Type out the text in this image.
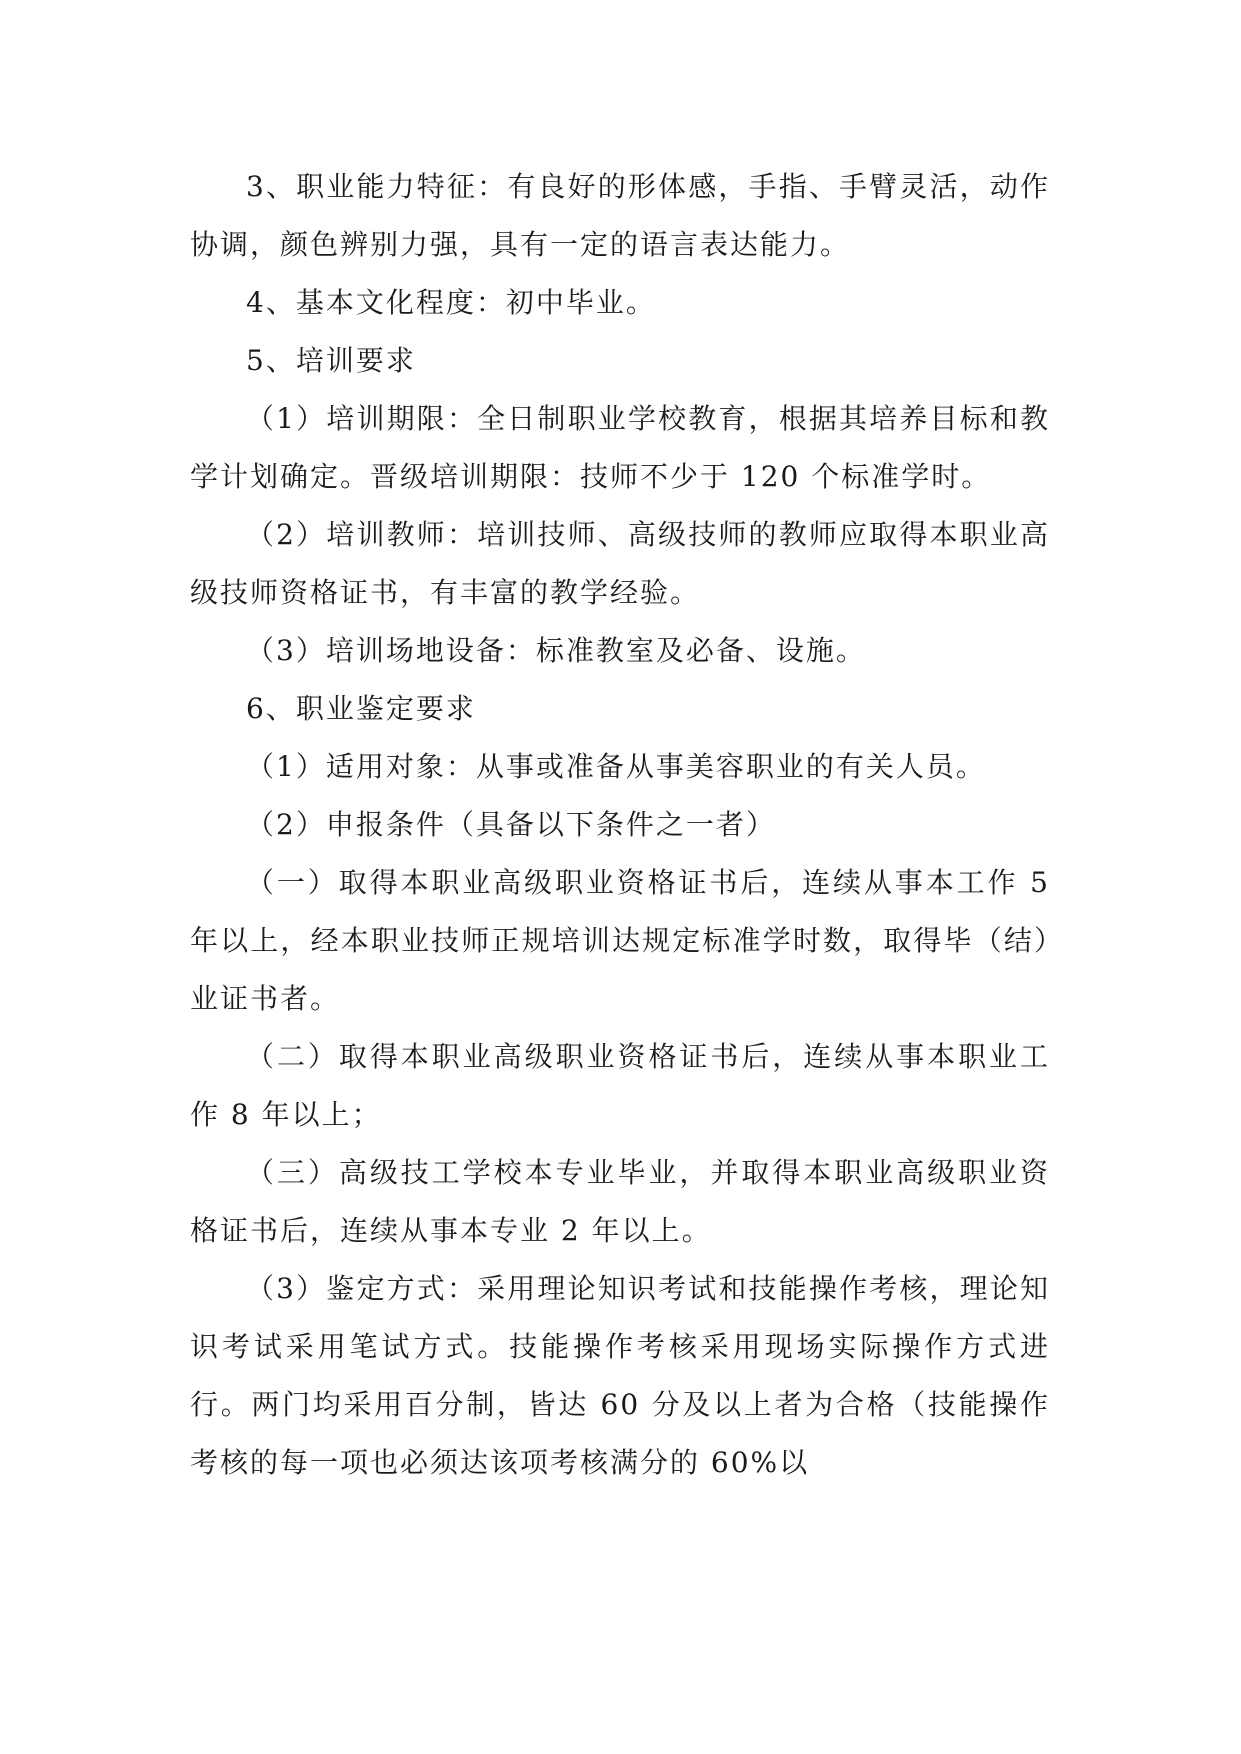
3、职业能力特征：有良好的形体感，手指、手臂灵活，动作协调，颜色辨别力强，具有一定的语言表达能力。

4、基本文化程度：初中毕业。

5、培训要求

（1）培训期限：全日制职业学校教育，根据其培养目标和教学计划确定。晋级培训期限：技师不少于 120 个标准学时。

（2）培训教师：培训技师、高级技师的教师应取得本职业高级技师资格证书，有丰富的教学经验。

（3）培训场地设备：标准教室及必备、设施。

6、职业鉴定要求

（1）适用对象：从事或准备从事美容职业的有关人员。

（2）申报条件（具备以下条件之一者）

（一）取得本职业高级职业资格证书后，连续从事本工作 5 年以上，经本职业技师正规培训达规定标准学时数，取得毕（结）业证书者。

（二）取得本职业高级职业资格证书后，连续从事本职业工作 8 年以上；

（三）高级技工学校本专业毕业，并取得本职业高级职业资格证书后，连续从事本专业 2 年以上。

（3）鉴定方式：采用理论知识考试和技能操作考核，理论知识考试采用笔试方式。技能操作考核采用现场实际操作方式进行。两门均采用百分制，皆达 60 分及以上者为合格（技能操作考核的每一项也必须达该项考核满分的 60%以
